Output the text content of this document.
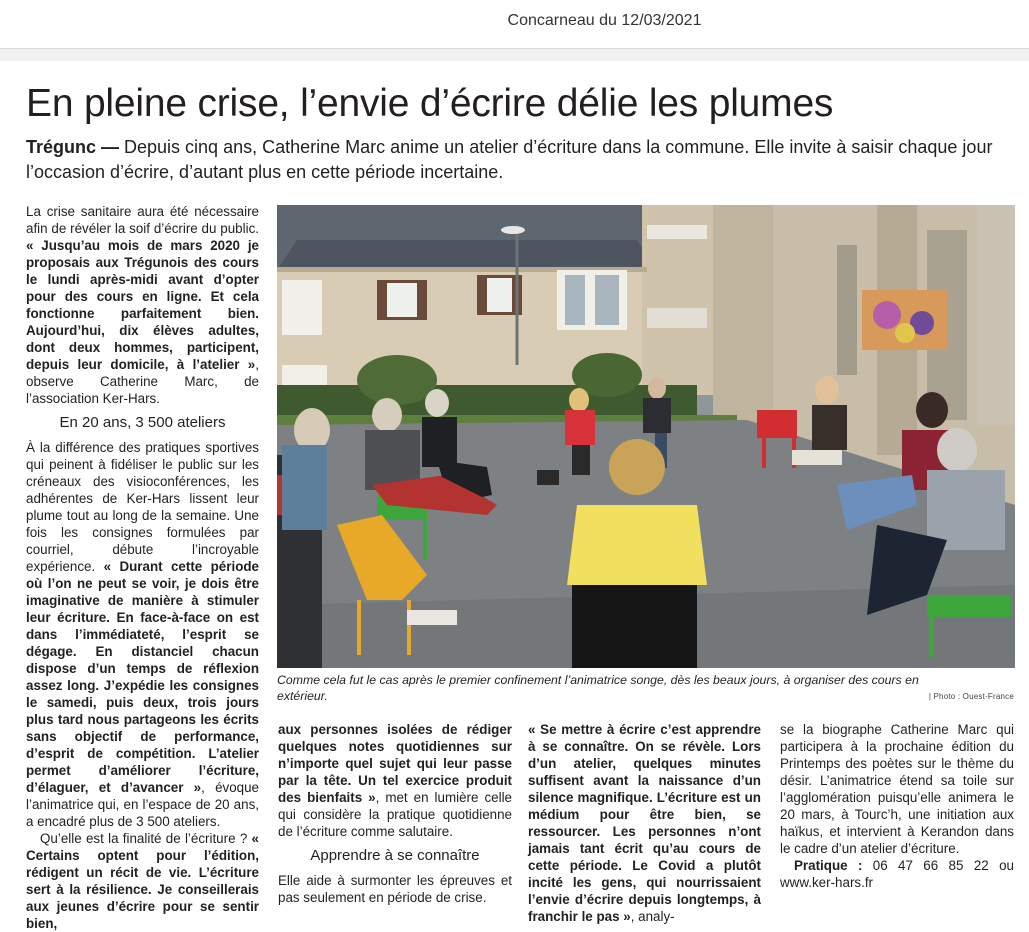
Concarneau du 12/03/2021
En pleine crise, l’envie d’écrire délie les plumes
Trégunc — Depuis cinq ans, Catherine Marc anime un atelier d’écriture dans la commune. Elle invite à saisir chaque jour l’occasion d’écrire, d’autant plus en cette période incertaine.

La crise sanitaire aura été nécessaire afin de révéler la soif d’écrire du public. « Jusqu’au mois de mars 2020 je proposais aux Trégunois des cours le lundi après-midi avant d’opter pour des cours en ligne. Et cela fonctionne parfaitement bien. Aujourd’hui, dix élèves adultes, dont deux hommes, participent, depuis leur domicile, à l’atelier », observe Catherine Marc, de l’association Ker-Hars.

En 20 ans, 3 500 ateliers

À la différence des pratiques sportives qui peinent à fidéliser le public sur les créneaux des visioconférences, les adhérentes de Ker-Hars lissent leur plume tout au long de la semaine. Une fois les consignes formulées par courriel, débute l’incroyable expérience. « Durant cette période où l’on ne peut se voir, je dois être imaginative de manière à stimuler leur écriture. En face-à-face on est dans l’immédiateté, l’esprit se dégage. En distanciel chacun dispose d’un temps de réflexion assez long. J’expédie les consignes le samedi, puis deux, trois jours plus tard nous partageons les écrits sans objectif de performance, d’esprit de compétition. L’atelier permet d’améliorer l’écriture, d’élaguer, et d’avancer », évoque l’animatrice qui, en l’espace de 20 ans, a encadré plus de 3 500 ateliers.

Qu’elle est la finalité de l’écriture ? « Certains optent pour l’édition, rédigent un récit de vie. L’écriture sert à la résilience. Je conseillerais aux jeunes d’écrire pour se sentir bien,

Comme cela fut le cas après le premier confinement l’animatrice songe, dès les beaux jours, à organiser des cours en extérieur.	| Photo : Ouest-France

aux personnes isolées de rédiger quelques notes quotidiennes sur n’importe quel sujet qui leur passe par la tête. Un tel exercice produit des bienfaits », met en lumière celle qui considère la pratique quotidienne de l’écriture comme salutaire.

Apprendre à se connaître

Elle aide à surmonter les épreuves et pas seulement en période de crise.

« Se mettre à écrire c’est apprendre à se connaître. On se révèle. Lors d’un atelier, quelques minutes suffisent avant la naissance d’un silence magnifique. L’écriture est un médium pour être bien, se ressourcer. Les personnes n’ont jamais tant écrit qu’au cours de cette période. Le Covid a plutôt incité les gens, qui nourrissaient l’envie d’écrire depuis longtemps, à franchir le pas », analy-

se la biographe Catherine Marc qui participera à la prochaine édition du Printemps des poètes sur le thème du désir. L’animatrice étend sa toile sur l’agglomération puisqu’elle animera le 20 mars, à Tourc’h, une initiation aux haïkus, et intervient à Kerandon dans le cadre d’un atelier d’écriture.

Pratique : 06 47 66 85 22 ou www.ker-hars.fr
